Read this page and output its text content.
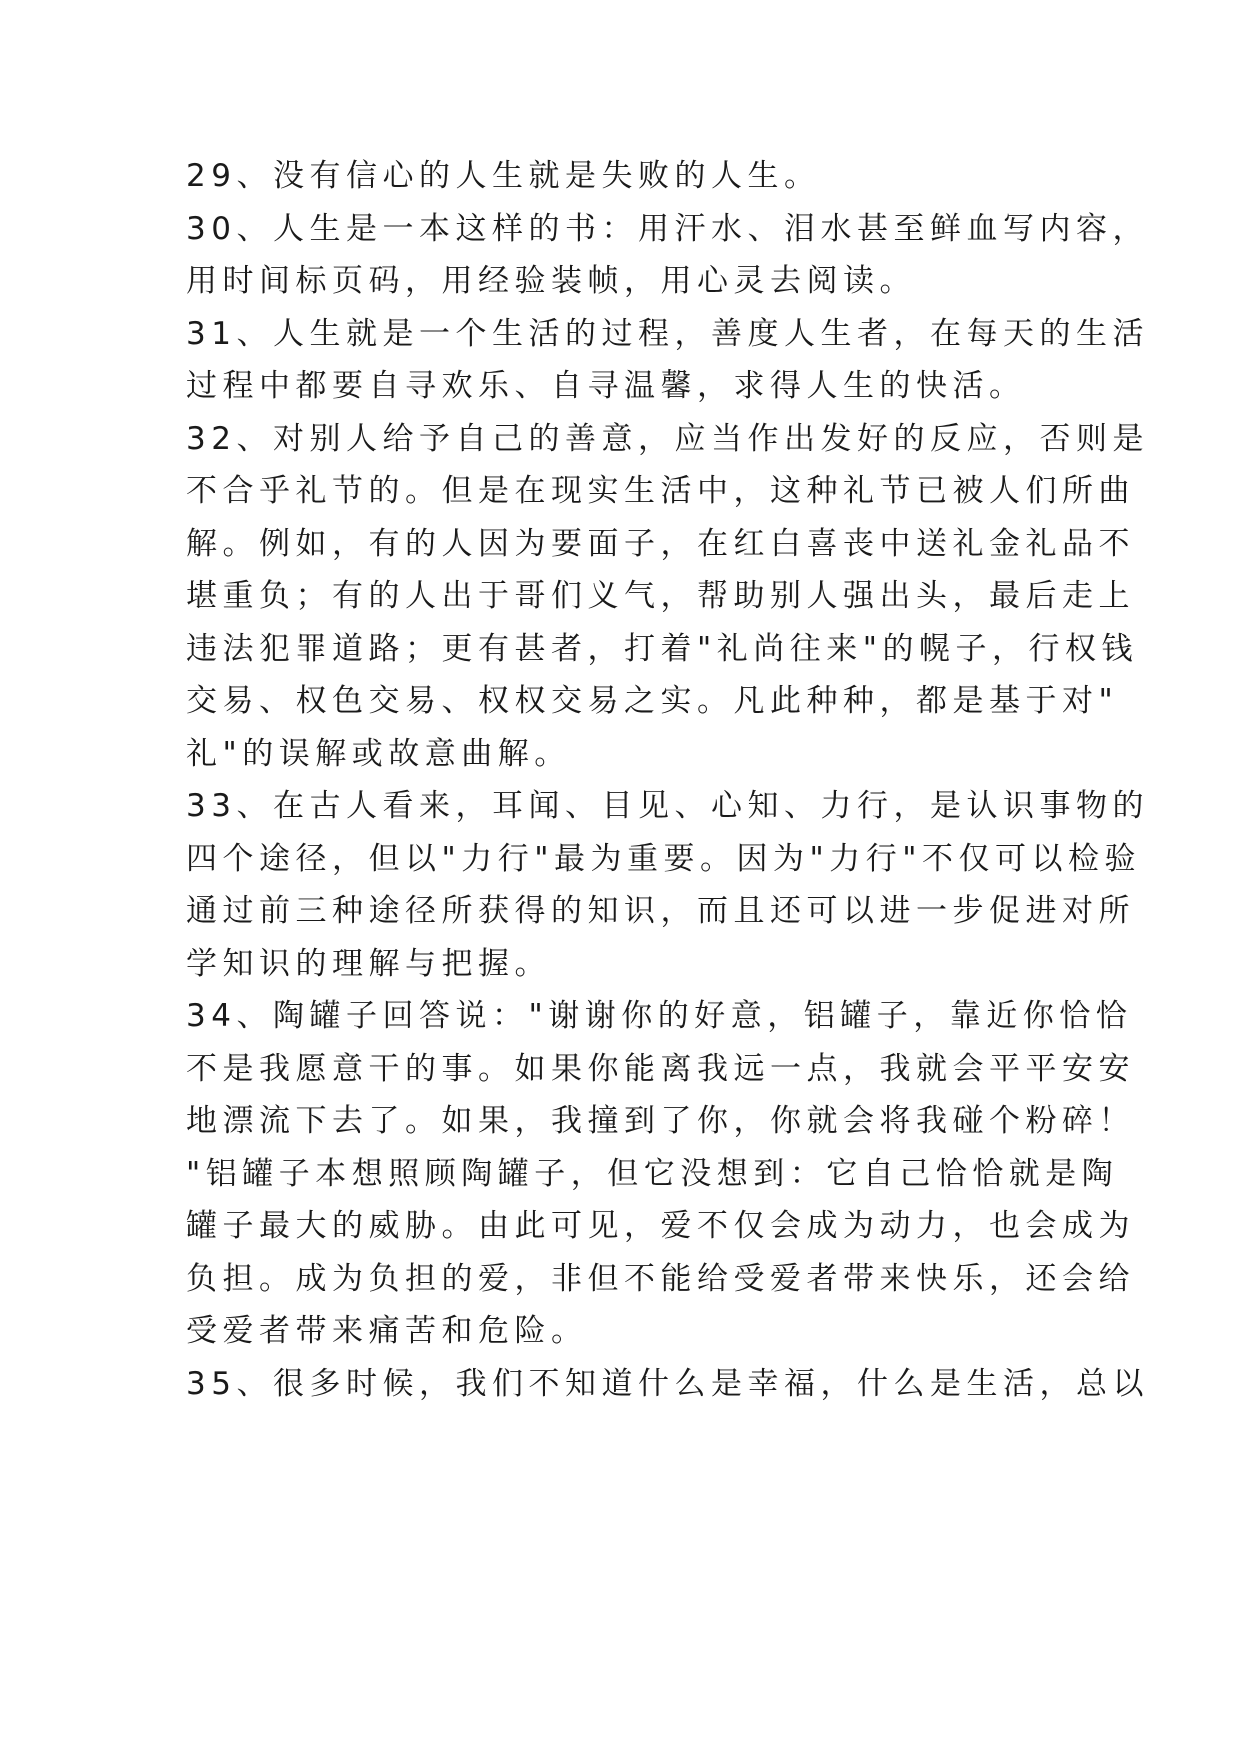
29、没有信心的人生就是失败的人生。
30、人生是一本这样的书：用汗水、泪水甚至鲜血写内容，
用时间标页码，用经验装帧，用心灵去阅读。
31、人生就是一个生活的过程，善度人生者，在每天的生活
过程中都要自寻欢乐、自寻温馨，求得人生的快活。
32、对别人给予自己的善意，应当作出发好的反应，否则是
不合乎礼节的。但是在现实生活中，这种礼节已被人们所曲
解。例如，有的人因为要面子，在红白喜丧中送礼金礼品不
堪重负；有的人出于哥们义气，帮助别人强出头，最后走上
违法犯罪道路；更有甚者，打着"礼尚往来"的幌子，行权钱
交易、权色交易、权权交易之实。凡此种种，都是基于对"
礼"的误解或故意曲解。
33、在古人看来，耳闻、目见、心知、力行，是认识事物的
四个途径，但以"力行"最为重要。因为"力行"不仅可以检验
通过前三种途径所获得的知识，而且还可以进一步促进对所
学知识的理解与把握。
34、陶罐子回答说："谢谢你的好意，铝罐子，靠近你恰恰
不是我愿意干的事。如果你能离我远一点，我就会平平安安
地漂流下去了。如果，我撞到了你，你就会将我碰个粉碎！
"铝罐子本想照顾陶罐子，但它没想到：它自己恰恰就是陶
罐子最大的威胁。由此可见，爱不仅会成为动力，也会成为
负担。成为负担的爱，非但不能给受爱者带来快乐，还会给
受爱者带来痛苦和危险。
35、很多时候，我们不知道什么是幸福，什么是生活，总以
